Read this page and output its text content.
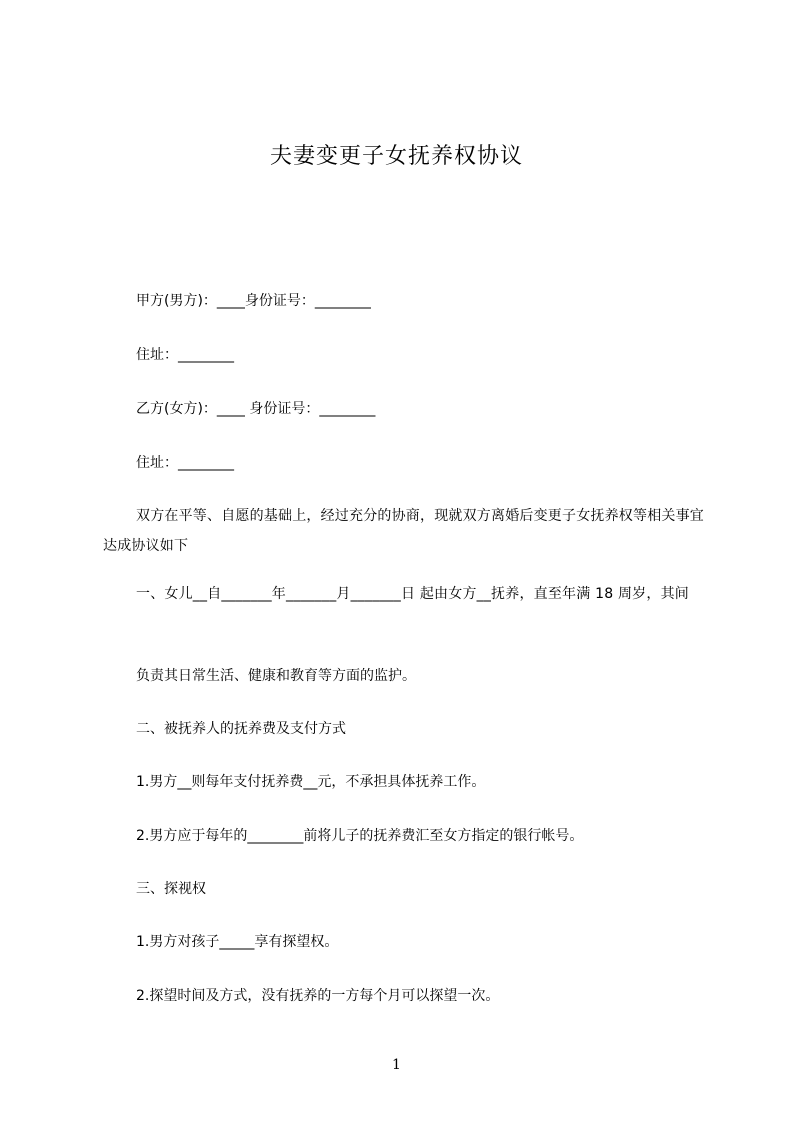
夫妻变更子女抚养权协议
甲方(男方)：____身份证号：________
住址：________
乙方(女方)：____ 身份证号：________
住址：________
双方在平等、自愿的基础上，经过充分的协商，现就双方离婚后变更子女抚养权等相关事宜达成协议如下
一、女儿__自_______年_______月_______日 起由女方__抚养，直至年满 18 周岁，其间
负责其日常生活、健康和教育等方面的监护。
二、被抚养人的抚养费及支付方式
1.男方__则每年支付抚养费__元，不承担具体抚养工作。
2.男方应于每年的________前将儿子的抚养费汇至女方指定的银行帐号。
三、探视权
1.男方对孩子_____享有探望权。
2.探望时间及方式，没有抚养的一方每个月可以探望一次。
1
